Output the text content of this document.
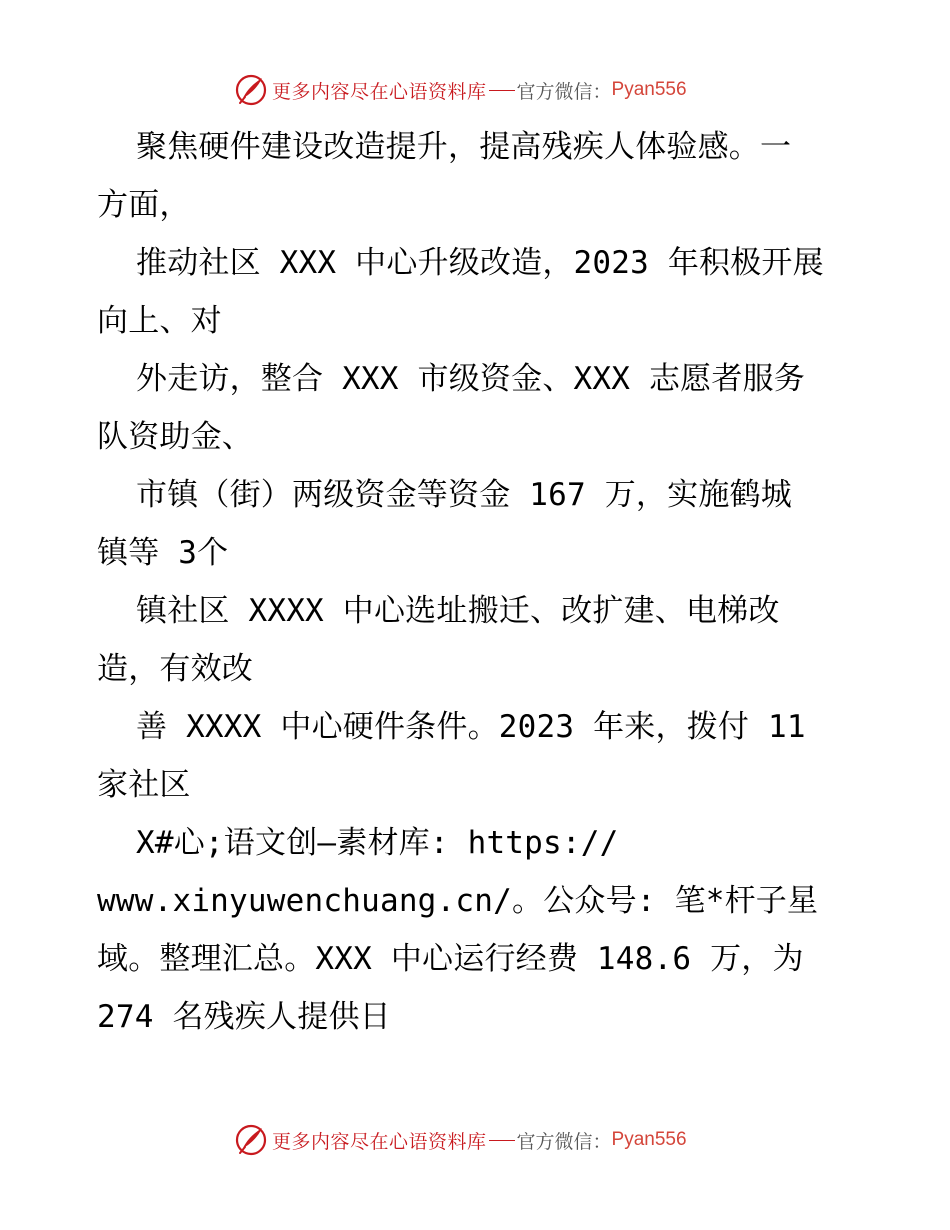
更多内容尽在心语资料库 官方微信： Pyan556
聚焦硬件建设改造提升，提高残疾人体验感。一
方面，
推动社区 XXX 中心升级改造，2023 年积极开展
向上、对
外走访，整合 XXX 市级资金、XXX 志愿者服务
队资助金、
市镇（街）两级资金等资金 167 万，实施鹤城
镇等 3个
镇社区 XXXX 中心选址搬迁、改扩建、电梯改
造，有效改
善 XXXX 中心硬件条件。2023 年来，拨付 11
家社区
X#心;语文创—素材库: https://
www.xinyuwenchuang.cn/。公众号: 笔*杆子星
域。整理汇总。XXX 中心运行经费 148.6 万，为
274 名残疾人提供日
更多内容尽在心语资料库 官方微信： Pyan556
